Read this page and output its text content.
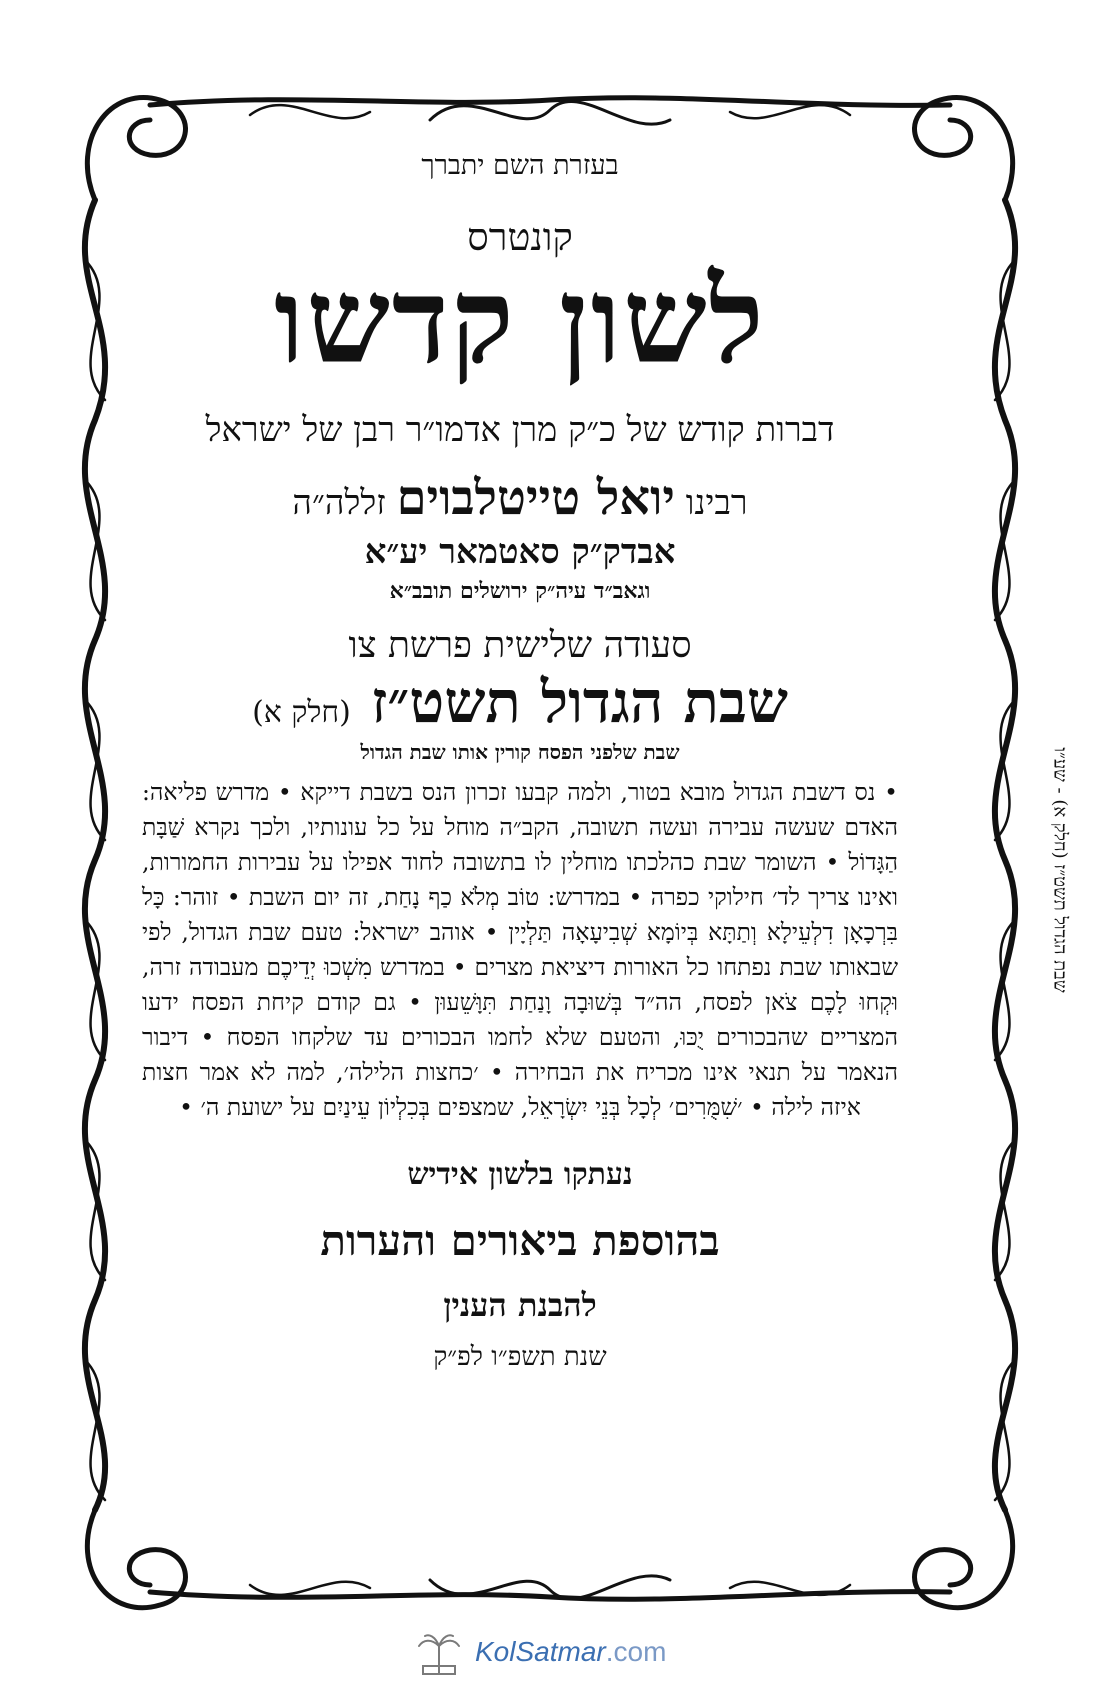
בעזרת השם יתברך
קונטרס
לשון קדשו
דברות קודש של כ״ק מרן אדמו״ר רבן של ישראל
רבינו יואל טייטלבוים זללה״ה
אבדק״ק סאטמאר יע״א
וגאב״ד עיה״ק ירושלים תובב״א
סעודה שלישית פרשת צו
שבת הגדול תשט״ז (חלק א)
שבת שלפני הפסח קורין אותו שבת הגדול
• נס דשבת הגדול מובא בטור, ולמה קבעו זכרון הנס בשבת דייקא • מדרש פליאה: האדם שעשה עבירה ועשה תשובה, הקב״ה מוחל על כל עונותיו, ולכך נקרא שַׁבָּת הַגָּדוֹל • השומר שבת כהלכתו מוחלין לו בתשובה לחוד אפילו על עבירות החמורות, ואינו צריך לד׳ חילוקי כפרה • במדרש: טוֹב מְלֹא כַף נָחַת, זה יום השבת • זוהר: כָּל בִּרְכָאָן דִלְעֵילָא וְתַתָּא בְּיוֹמָא שְׁבִיעָאָה תַּלְיָין • אוהב ישראל: טעם שבת הגדול, לפי שבאותו שבת נפתחו כל האורות דיציאת מצרים • במדרש מִשְׁכוּ יְדֵיכֶם מעבודה זרה, וּקְחוּ לָכֶם צֹאן לפסח, הה״ד בְּשׁוּבָה וָנַחַת תִּוָּשֵׁעוּן • גם קודם קיחת הפסח ידעו המצריים שהבכורים יֻכּוּ, והטעם שלא לחמו הבכורים עד שלקחו הפסח • דיבור הנאמר על תנאי אינו מכריח את הבחירה • ׳כחצות הלילה׳, למה לא אמר חצות איזה לילה • ׳שִׁמֻּרִים׳ לְכָל בְּנֵי יִשְׂרָאֵל, שמצפים בְּכִלְיוֹן עֵינַיִם על ישועת ה׳ •
נעתקו בלשון אידיש
בהוספת ביאורים והערות
להבנת הענין
שנת תשפ״ו לפ״ק
שבת הגדול תשט״ז (חלק א) - שע״ו
KolSatmar.com
